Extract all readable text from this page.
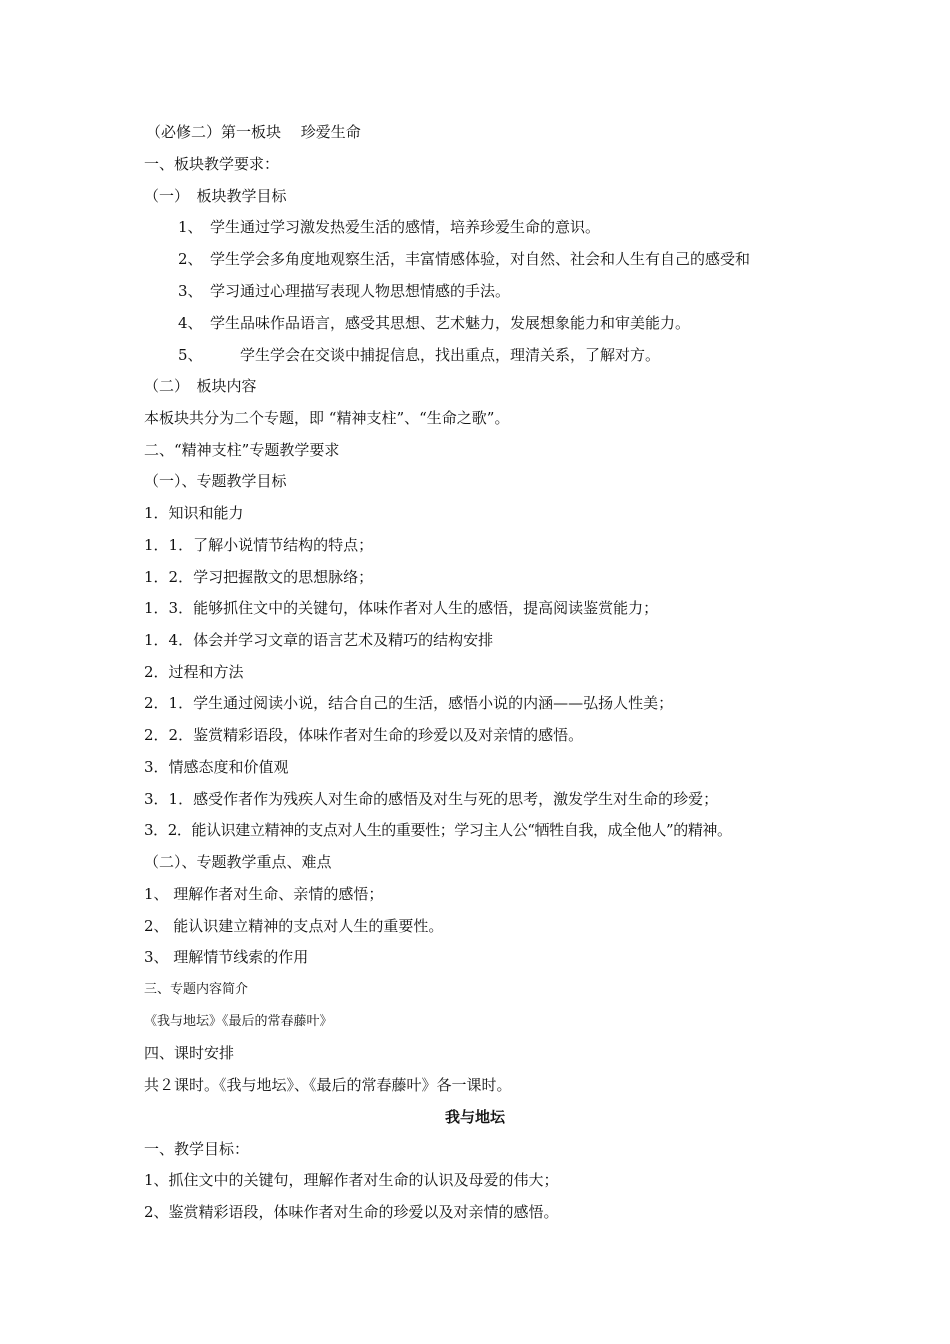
（必修二）第一板块　 珍爱生命
一、板块教学要求：
（一）　板块教学目标
1、　学生通过学习激发热爱生活的感情，培养珍爱生命的意识。
2、　学生学会多角度地观察生活，丰富情感体验，对自然、社会和人生有自己的感受和
3、　学习通过心理描写表现人物思想情感的手法。
4、　学生品味作品语言，感受其思想、艺术魅力，发展想象能力和审美能力。
5、　　　学生学会在交谈中捕捉信息，找出重点，理清关系，了解对方。
（二）　板块内容
本板块共分为二个专题，即 “精神支柱”、“生命之歌”。
二、“精神支柱”专题教学要求
（一）、专题教学目标
1．知识和能力
1．1．了解小说情节结构的特点；
1．2．学习把握散文的思想脉络；
1．3．能够抓住文中的关键句，体味作者对人生的感悟，提高阅读鉴赏能力；
1．4．体会并学习文章的语言艺术及精巧的结构安排
2．过程和方法
2．1．学生通过阅读小说，结合自己的生活，感悟小说的内涵——弘扬人性美；
2．2．鉴赏精彩语段，体味作者对生命的珍爱以及对亲情的感悟。
3．情感态度和价值观
3．1．感受作者作为残疾人对生命的感悟及对生与死的思考，激发学生对生命的珍爱；
3．2．能认识建立精神的支点对人生的重要性；学习主人公“牺牲自我，成全他人”的精神。
（二）、专题教学重点、难点
1、 理解作者对生命、亲情的感悟；
2、 能认识建立精神的支点对人生的重要性。
3、 理解情节线索的作用
三、专题内容简介
《我与地坛》《最后的常春藤叶》
四、课时安排
共２课时。《我与地坛》、《最后的常春藤叶》各一课时。
我与地坛
一、教学目标：
1、抓住文中的关键句，理解作者对生命的认识及母爱的伟大；
2、鉴赏精彩语段，体味作者对生命的珍爱以及对亲情的感悟。
